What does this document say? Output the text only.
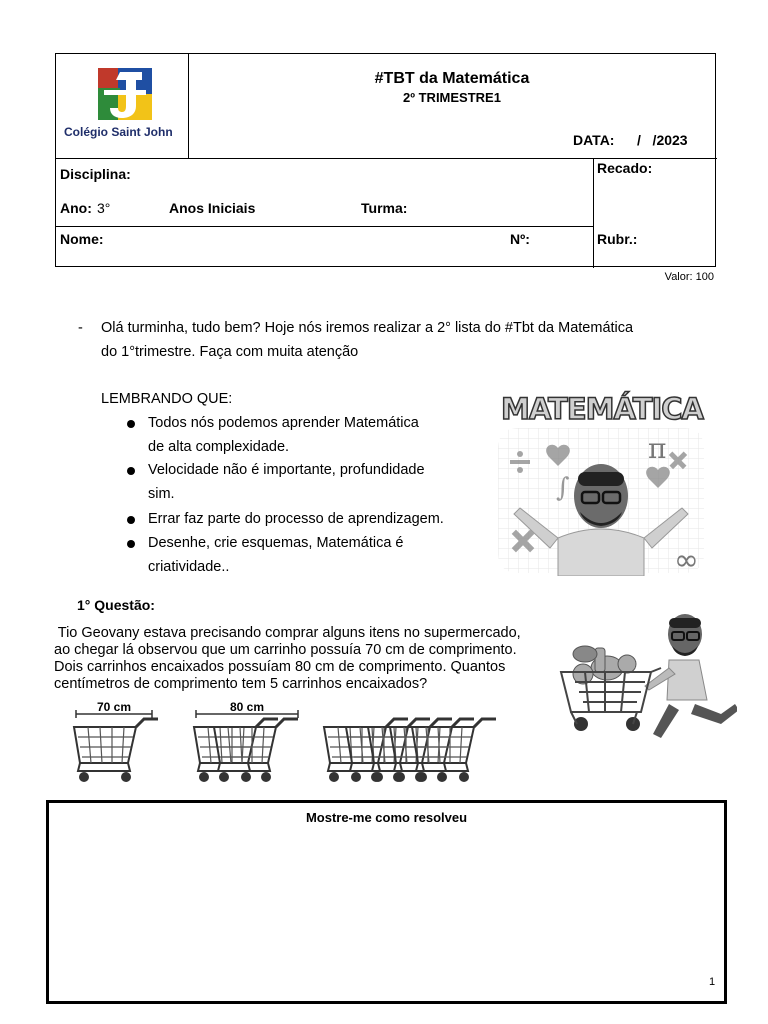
Colégio Saint John
#TBT da Matemática
2º TRIMESTRE1
DATA: /   /2023
Disciplina:	Recado:
Ano: 3°	Anos Iniciais	Turma:
Nome:	Nº:	Rubr.:
Valor: 100
- Olá turminha, tudo bem? Hoje nós iremos realizar a 2° lista do #Tbt da Matemática
do 1°trimestre. Faça com muita atenção
LEMBRANDO QUE:
Todos nós podemos aprender Matemática
de alta complexidade.
Velocidade não é importante, profundidade
sim.
Errar faz parte do processo de aprendizagem.
Desenhe, crie esquemas, Matemática é
criatividade..
π
∞
∫
MATEMÁTICA
1° Questão:
Tio Geovany estava precisando comprar alguns itens no supermercado,
ao chegar lá observou que um carrinho possuía 70 cm de comprimento.
Dois carrinhos encaixados possuíam 80 cm de comprimento. Quantos
centímetros de comprimento tem 5 carrinhos encaixados?
70 cm	80 cm
Mostre-me como resolveu
1
